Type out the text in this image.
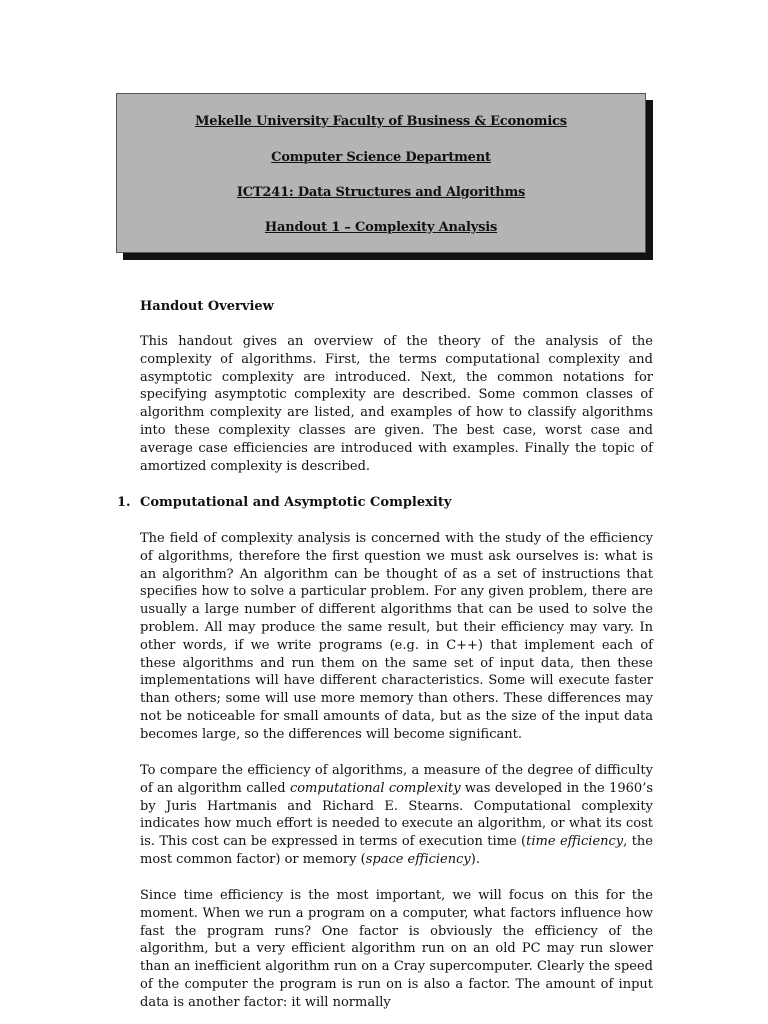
Mekelle University Faculty of Business & Economics
Computer Science Department
ICT241: Data Structures and Algorithms
Handout 1 – Complexity Analysis
Handout Overview

This handout gives an overview of the theory of the analysis of the complexity of algorithms. First, the terms computational complexity and asymptotic complexity are introduced. Next, the common notations for specifying asymptotic complexity are described. Some common classes of algorithm complexity are listed, and examples of how to classify algorithms into these complexity classes are given. The best case, worst case and average case efficiencies are introduced with examples. Finally the topic of amortized complexity is described.

1. Computational and Asymptotic Complexity

The field of complexity analysis is concerned with the study of the efficiency of algorithms, therefore the first question we must ask ourselves is: what is an algorithm? An algorithm can be thought of as a set of instructions that specifies how to solve a particular problem. For any given problem, there are usually a large number of different algorithms that can be used to solve the problem. All may produce the same result, but their efficiency may vary. In other words, if we write programs (e.g. in C++) that implement each of these algorithms and run them on the same set of input data, then these implementations will have different characteristics. Some will execute faster than others; some will use more memory than others. These differences may not be noticeable for small amounts of data, but as the size of the input data becomes large, so the differences will become significant.

To compare the efficiency of algorithms, a measure of the degree of difficulty of an algorithm called computational complexity was developed in the 1960’s by Juris Hartmanis and Richard E. Stearns. Computational complexity indicates how much effort is needed to execute an algorithm, or what its cost is. This cost can be expressed in terms of execution time (time efficiency, the most common factor) or memory (space efficiency).

Since time efficiency is the most important, we will focus on this for the moment. When we run a program on a computer, what factors influence how fast the program runs? One factor is obviously the efficiency of the algorithm, but a very efficient algorithm run on an old PC may run slower than an inefficient algorithm run on a Cray supercomputer. Clearly the speed of the computer the program is run on is also a factor. The amount of input data is another factor: it will normally
